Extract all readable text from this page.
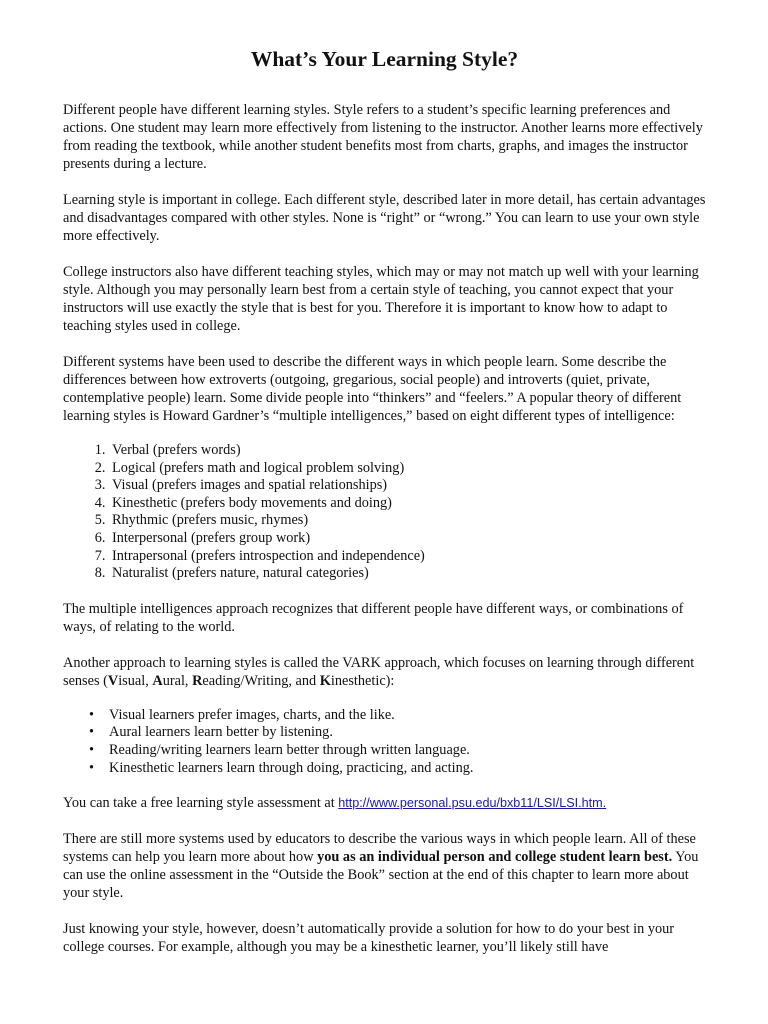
What’s Your Learning Style?

Different people have different learning styles. Style refers to a student’s specific learning preferences and actions. One student may learn more effectively from listening to the instructor. Another learns more effectively from reading the textbook, while another student benefits most from charts, graphs, and images the instructor presents during a lecture.

Learning style is important in college. Each different style, described later in more detail, has certain advantages and disadvantages compared with other styles. None is “right” or “wrong.” You can learn to use your own style more effectively.

College instructors also have different teaching styles, which may or may not match up well with your learning style. Although you may personally learn best from a certain style of teaching, you cannot expect that your instructors will use exactly the style that is best for you. Therefore it is important to know how to adapt to teaching styles used in college.

Different systems have been used to describe the different ways in which people learn. Some describe the differences between how extroverts (outgoing, gregarious, social people) and introverts (quiet, private, contemplative people) learn. Some divide people into “thinkers” and “feelers.” A popular theory of different learning styles is Howard Gardner’s “multiple intelligences,” based on eight different types of intelligence:

1. Verbal (prefers words)
2. Logical (prefers math and logical problem solving)
3. Visual (prefers images and spatial relationships)
4. Kinesthetic (prefers body movements and doing)
5. Rhythmic (prefers music, rhymes)
6. Interpersonal (prefers group work)
7. Intrapersonal (prefers introspection and independence)
8. Naturalist (prefers nature, natural categories)

The multiple intelligences approach recognizes that different people have different ways, or combinations of ways, of relating to the world.

Another approach to learning styles is called the VARK approach, which focuses on learning through different senses (Visual, Aural, Reading/Writing, and Kinesthetic):

• Visual learners prefer images, charts, and the like.
• Aural learners learn better by listening.
• Reading/writing learners learn better through written language.
• Kinesthetic learners learn through doing, practicing, and acting.

You can take a free learning style assessment at http://www.personal.psu.edu/bxb11/LSI/LSI.htm.

There are still more systems used by educators to describe the various ways in which people learn. All of these systems can help you learn more about how you as an individual person and college student learn best. You can use the online assessment in the “Outside the Book” section at the end of this chapter to learn more about your style.

Just knowing your style, however, doesn’t automatically provide a solution for how to do your best in your college courses. For example, although you may be a kinesthetic learner, you’ll likely still have
